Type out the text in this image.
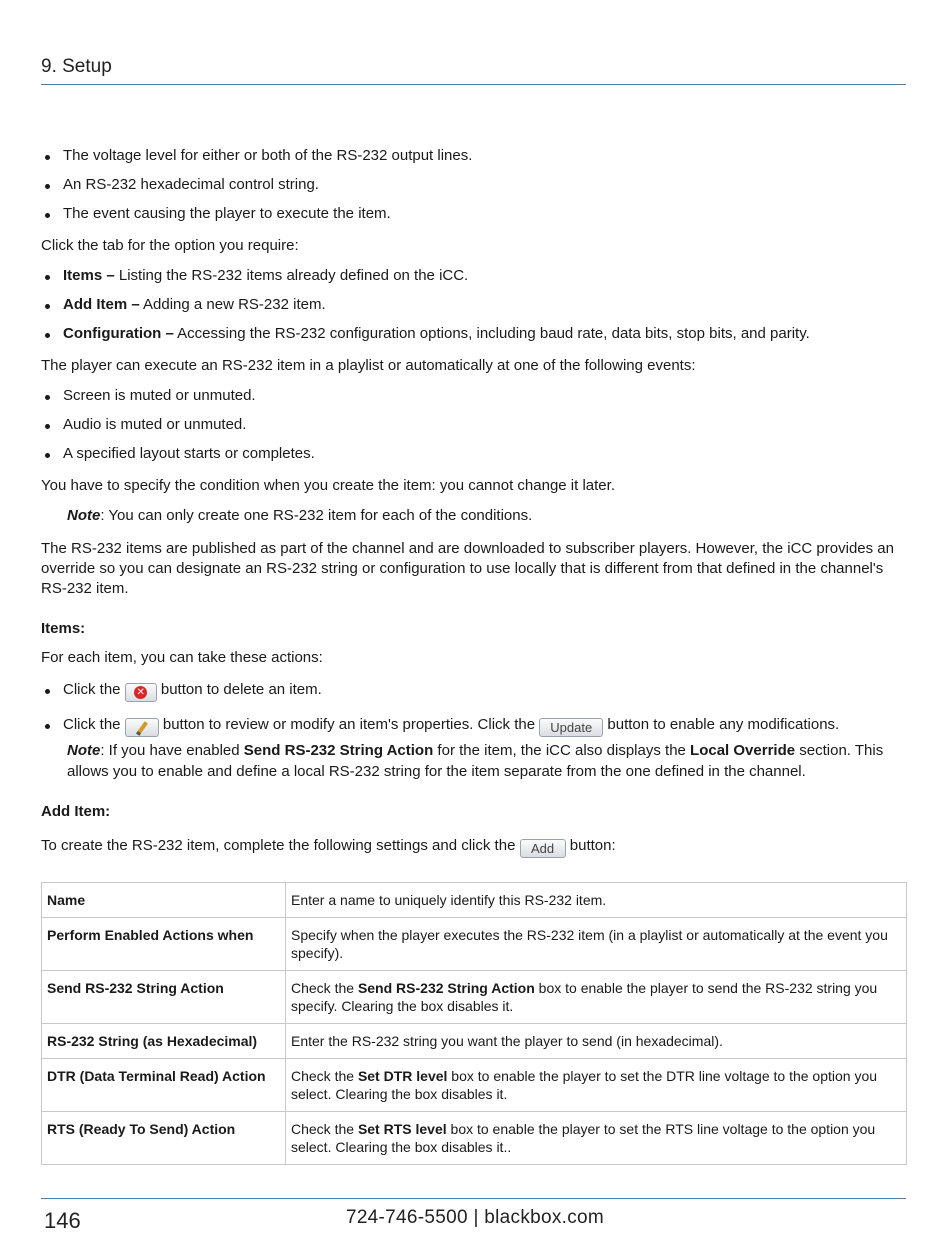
9. Setup
The voltage level for either or both of the RS-232 output lines.
An RS-232 hexadecimal control string.
The event causing the player to execute the item.

Click the tab for the option you require:

Items – Listing the RS-232 items already defined on the iCC.
Add Item – Adding a new RS-232 item.
Configuration – Accessing the RS-232 configuration options, including baud rate, data bits, stop bits, and parity.

The player can execute an RS-232 item in a playlist or automatically at one of the following events:

Screen is muted or unmuted.
Audio is muted or unmuted.
A specified layout starts or completes.

You have to specify the condition when you create the item: you cannot change it later.

Note: You can only create one RS-232 item for each of the conditions.

The RS-232 items are published as part of the channel and are downloaded to subscriber players. However, the iCC provides an override so you can designate an RS-232 string or configuration to use locally that is different from that defined in the channel's RS-232 item.

Items:

For each item, you can take these actions:

Click the ✕ button to delete an item.
Click the  button to review or modify an item's properties. Click the Update button to enable any modifications.

Note: If you have enabled Send RS-232 String Action for the item, the iCC also displays the Local Override section. This allows you to enable and define a local RS-232 string for the item separate from the one defined in the channel.

Add Item:

To create the RS-232 item, complete the following settings and click the Add button:

Name	Enter a name to uniquely identify this RS-232 item.
Perform Enabled Actions when	Specify when the player executes the RS-232 item (in a playlist or automatically at the event you specify).
Send RS-232 String Action	Check the Send RS-232 String Action box to enable the player to send the RS-232 string you specify. Clearing the box disables it.
RS-232 String (as Hexadecimal)	Enter the RS-232 string you want the player to send (in hexadecimal).
DTR (Data Terminal Read) Action	Check the Set DTR level box to enable the player to set the DTR line voltage to the option you select. Clearing the box disables it.
RTS (Ready To Send) Action	Check the Set RTS level box to enable the player to set the RTS line voltage to the option you select. Clearing the box disables it..
146	724-746-5500 | blackbox.com
